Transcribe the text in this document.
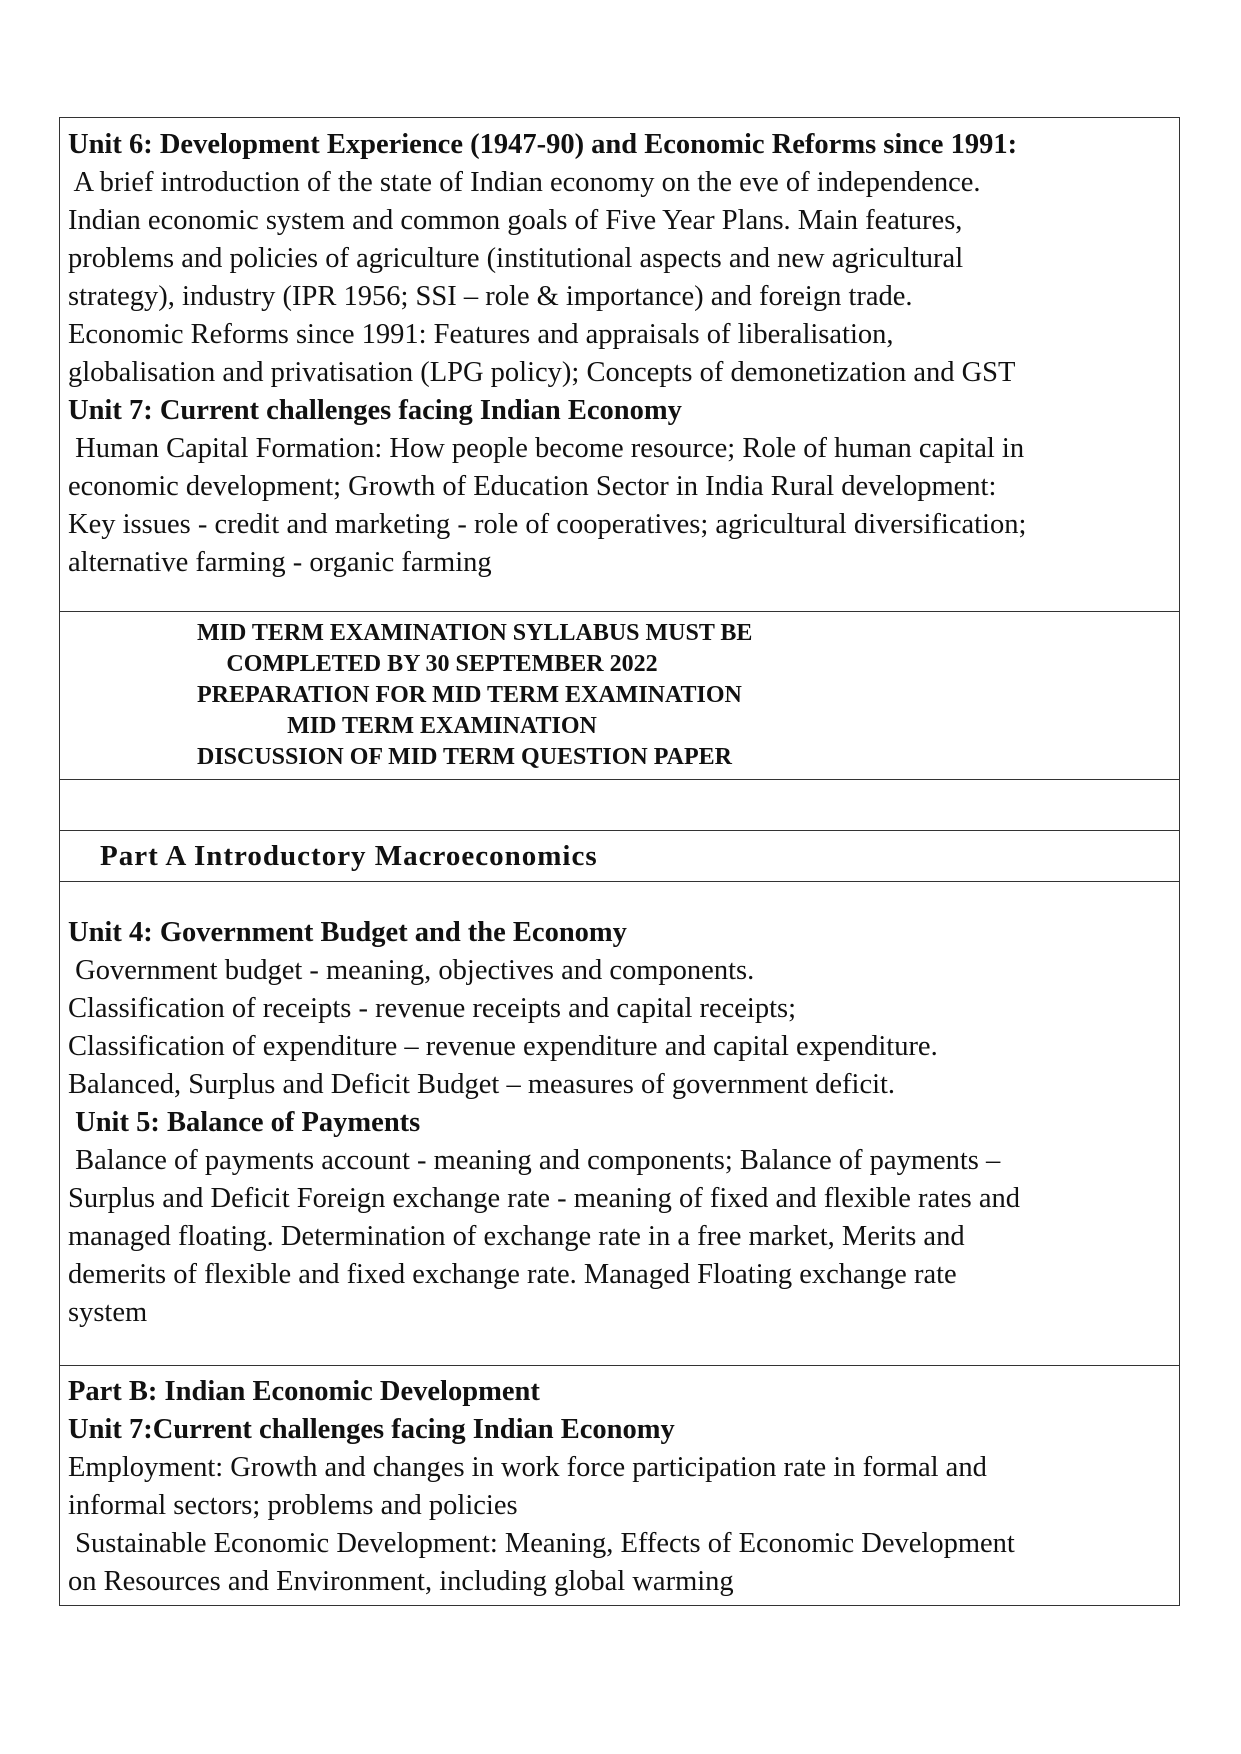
Unit 6: Development Experience (1947-90) and Economic Reforms since 1991:

A brief introduction of the state of Indian economy on the eve of independence.

Indian economic system and common goals of Five Year Plans. Main features,

problems and policies of agriculture (institutional aspects and new agricultural

strategy), industry (IPR 1956; SSI – role & importance) and foreign trade.

Economic Reforms since 1991: Features and appraisals of liberalisation,

globalisation and privatisation (LPG policy); Concepts of demonetization and GST

Unit 7: Current challenges facing Indian Economy

Human Capital Formation: How people become resource; Role of human capital in

economic development; Growth of Education Sector in India Rural development:

Key issues - credit and marketing - role of cooperatives; agricultural diversification;

alternative farming - organic farming

MID TERM EXAMINATION SYLLABUS MUST BE
COMPLETED BY 30 SEPTEMBER 2022
PREPARATION FOR MID TERM EXAMINATION
MID TERM EXAMINATION
DISCUSSION OF MID TERM QUESTION PAPER
Part A Introductory Macroeconomics

Unit 4: Government Budget and the Economy

Government budget - meaning, objectives and components.

Classification of receipts - revenue receipts and capital receipts;

Classification of expenditure – revenue expenditure and capital expenditure.

Balanced, Surplus and Deficit Budget – measures of government deficit.

Unit 5: Balance of Payments

Balance of payments account - meaning and components; Balance of payments –

Surplus and Deficit Foreign exchange rate - meaning of fixed and flexible rates and

managed floating. Determination of exchange rate in a free market, Merits and

demerits of flexible and fixed exchange rate. Managed Floating exchange rate

system

Part B: Indian Economic Development

Unit 7:Current challenges facing Indian Economy

Employment: Growth and changes in work force participation rate in formal and

informal sectors; problems and policies

Sustainable Economic Development: Meaning, Effects of Economic Development

on Resources and Environment, including global warming
